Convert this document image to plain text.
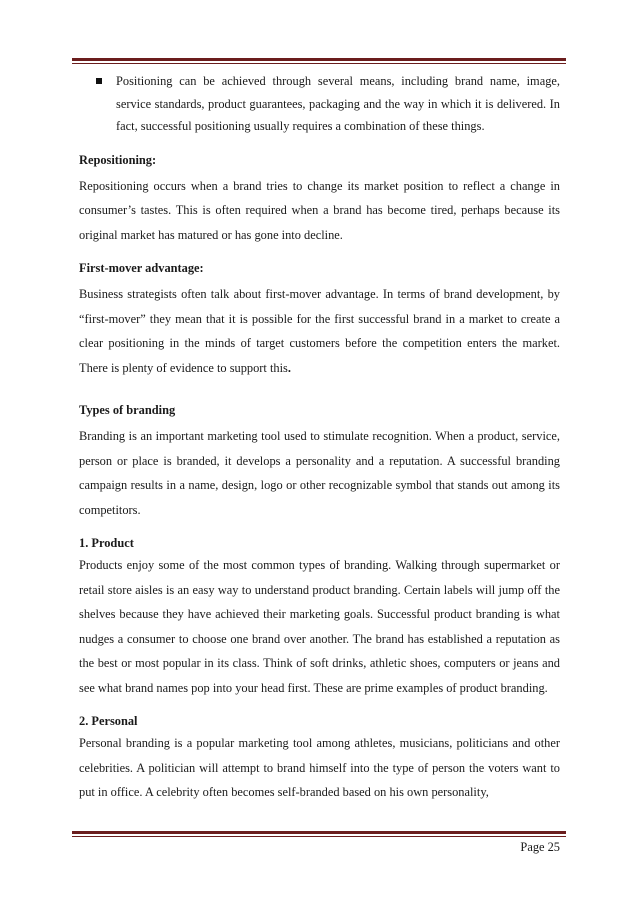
Positioning can be achieved through several means, including brand name, image, service standards, product guarantees, packaging and the way in which it is delivered. In fact, successful positioning usually requires a combination of these things.
Repositioning:

Repositioning occurs when a brand tries to change its market position to reflect a change in consumer’s tastes. This is often required when a brand has become tired, perhaps because its original market has matured or has gone into decline.

First-mover advantage:

Business strategists often talk about first-mover advantage. In terms of brand development, by “first-mover” they mean that it is possible for the first successful brand in a market to create a clear positioning in the minds of target customers before the competition enters the market. There is plenty of evidence to support this.

Types of branding

Branding is an important marketing tool used to stimulate recognition. When a product, service, person or place is branded, it develops a personality and a reputation. A successful branding campaign results in a name, design, logo or other recognizable symbol that stands out among its competitors.

1. Product

Products enjoy some of the most common types of branding. Walking through supermarket or retail store aisles is an easy way to understand product branding. Certain labels will jump off the shelves because they have achieved their marketing goals. Successful product branding is what nudges a consumer to choose one brand over another. The brand has established a reputation as the best or most popular in its class. Think of soft drinks, athletic shoes, computers or jeans and see what brand names pop into your head first. These are prime examples of product branding.

2. Personal

Personal branding is a popular marketing tool among athletes, musicians, politicians and other celebrities. A politician will attempt to brand himself into the type of person the voters want to put in office. A celebrity often becomes self-branded based on his own personality,

Page 25
